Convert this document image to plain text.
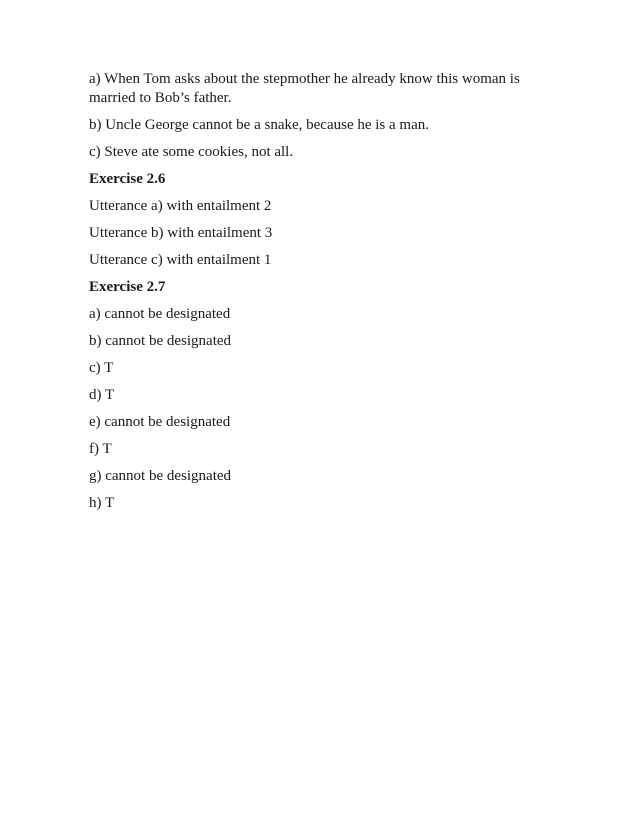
a) When Tom asks about the stepmother he already know this woman is married to Bob’s father.

b) Uncle George cannot be a snake, because he is a man.

c) Steve ate some cookies, not all.

Exercise 2.6

Utterance a) with entailment 2

Utterance b) with entailment 3

Utterance c) with entailment 1

Exercise 2.7

a) cannot be designated

b) cannot be designated

c) T

d) T

e) cannot be designated

f) T

g) cannot be designated

h) T
